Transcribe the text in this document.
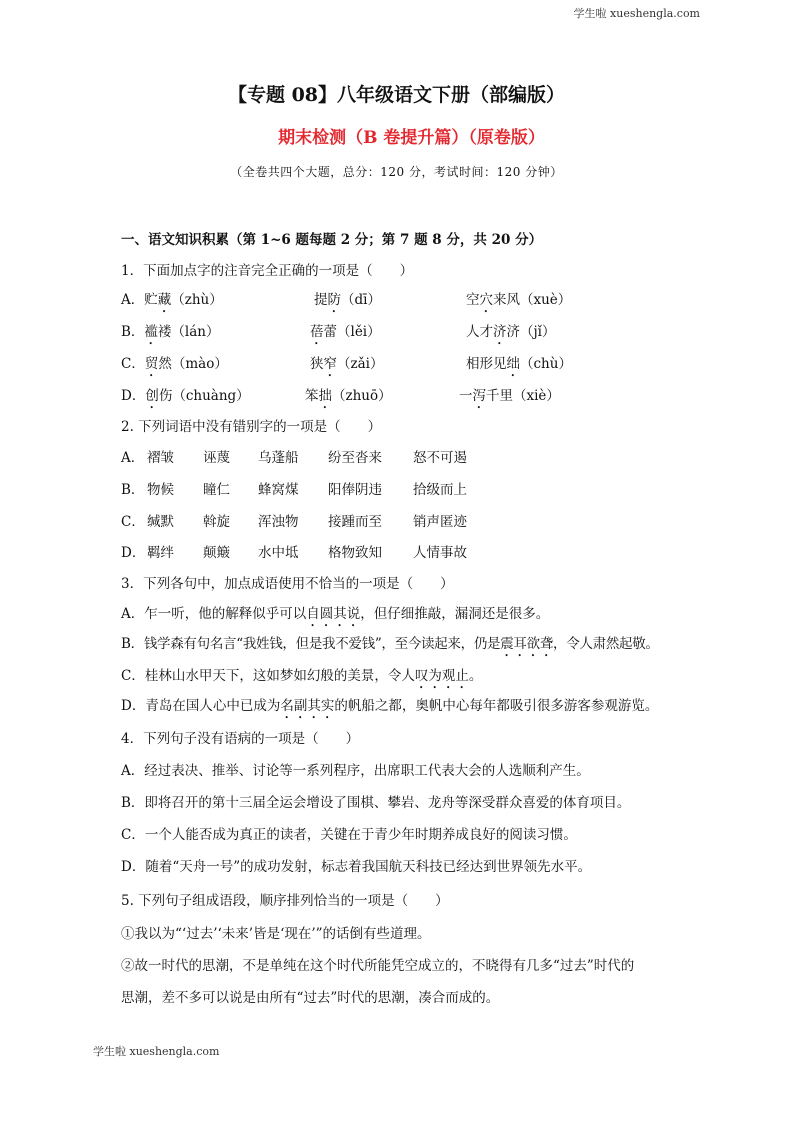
学生啦 xueshengla.com
【专题 08】八年级语文下册（部编版）
期末检测（B 卷提升篇）（原卷版）
（全卷共四个大题，总分：120 分，考试时间：120 分钟）
一、语文知识积累（第 1~6 题每题 2 分；第 7 题 8 分，共 20 分）
1．下面加点字的注音完全正确的一项是（　　）
A．贮藏（zhù）	提防（dī）	空穴来风（xuè）
B．褴褛（lán）	蓓蕾（lěi）	人才济济（jǐ）
C．贸然（mào）	狭窄（zǎi）	相形见绌（chù）
D．创伤（chuàng）	笨拙（zhuō）	一泻千里（xiè）
2. 下列词语中没有错别字的一项是（　　）
A． 褶皱 诬蔑 乌蓬船 纷至沓来 怒不可遏
B． 物候 瞳仁 蜂窝煤 阳俸阴违 拾级而上
C． 缄默 斡旋 浑浊物 接踵而至 销声匿迹
D． 羁绊 颠簸 水中坻 格物致知 人情事故
3．下列各句中，加点成语使用不恰当的一项是（　　）
A．乍一听，他的解释似乎可以自圆其说，但仔细推敲，漏洞还是很多。
B．钱学森有句名言“我姓钱，但是我不爱钱”，至今读起来，仍是震耳欲聋，令人肃然起敬。
C．桂林山水甲天下，这如梦如幻般的美景，令人叹为观止。
D．青岛在国人心中已成为名副其实的帆船之都，奥帆中心每年都吸引很多游客参观游览。
4．下列句子没有语病的一项是（　　）
A．经过表决、推举、讨论等一系列程序，出席职工代表大会的人选顺利产生。
B．即将召开的第十三届全运会增设了围棋、攀岩、龙舟等深受群众喜爱的体育项目。
C．一个人能否成为真正的读者，关键在于青少年时期养成良好的阅读习惯。
D．随着“天舟一号”的成功发射，标志着我国航天科技已经达到世界领先水平。
5. 下列句子组成语段，顺序排列恰当的一项是（　　）
①我以为“‘过去’‘未来’皆是‘现在’”的话倒有些道理。
②故一时代的思潮，不是单纯在这个时代所能凭空成立的，不晓得有几多“过去”时代的
思潮，差不多可以说是由所有“过去”时代的思潮，凑合而成的。
学生啦 xueshengla.com
